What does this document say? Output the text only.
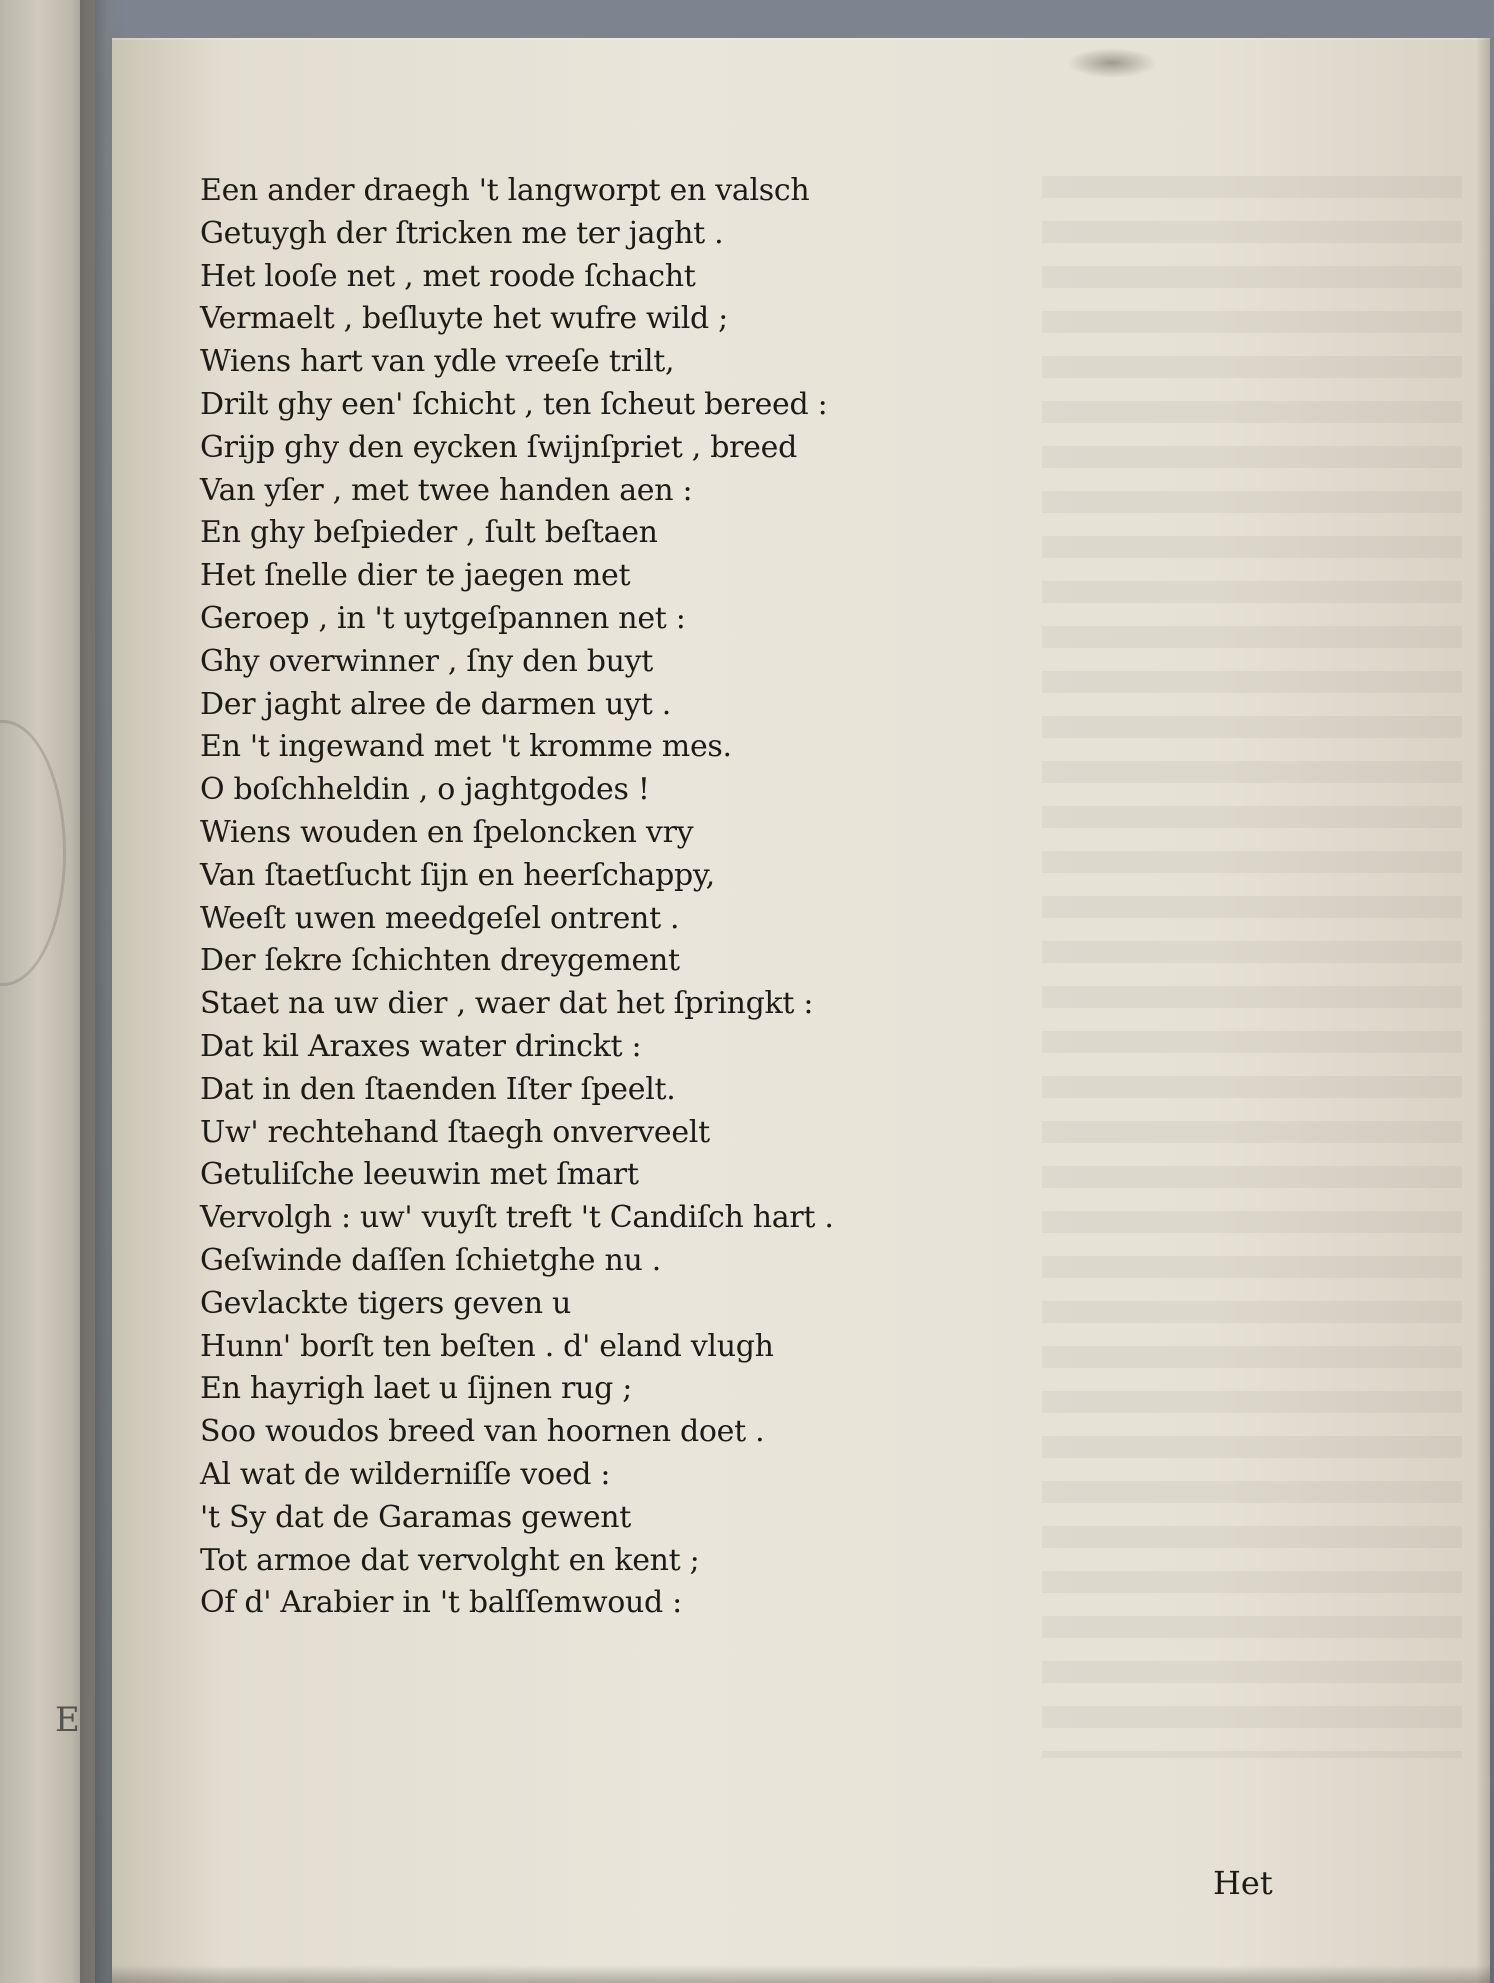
E
Een ander draegh 't langworpt en valsch
Getuygh der ſtricken me ter jaght .
Het looſe net , met roode ſchacht
Vermaelt , beſluyte het wufre wild ;
Wiens hart van ydle vreeſe trilt,
Drilt ghy een' ſchicht , ten ſcheut bereed :
Grijp ghy den eycken ſwijnſpriet , breed
Van yſer , met twee handen aen :
En ghy beſpieder , ſult beſtaen
Het ſnelle dier te jaegen met
Geroep , in 't uytgeſpannen net :
Ghy overwinner , ſny den buyt
Der jaght alree de darmen uyt .
En 't ingewand met 't kromme mes.
O boſchheldin , o jaghtgodes !
Wiens wouden en ſpeloncken vry
Van ſtaetſucht ſijn en heerſchappy,
Weeſt uwen meedgeſel ontrent .
Der ſekre ſchichten dreygement
Staet na uw dier , waer dat het ſpringkt :
Dat kil Araxes water drinckt :
Dat in den ſtaenden Iſter ſpeelt.
Uw' rechtehand ſtaegh onverveelt
Getuliſche leeuwin met ſmart
Vervolgh : uw' vuyſt treft 't Candiſch hart .
Geſwinde daſſen ſchietghe nu .
Gevlackte tigers geven u
Hunn' borſt ten beſten . d' eland vlugh
En hayrigh laet u ſijnen rug ;
Soo woudos breed van hoornen doet .
Al wat de wilderniſſe voed :
't Sy dat de Garamas gewent
Tot armoe dat vervolght en kent ;
Of d' Arabier in 't balſſemwoud :
Het
